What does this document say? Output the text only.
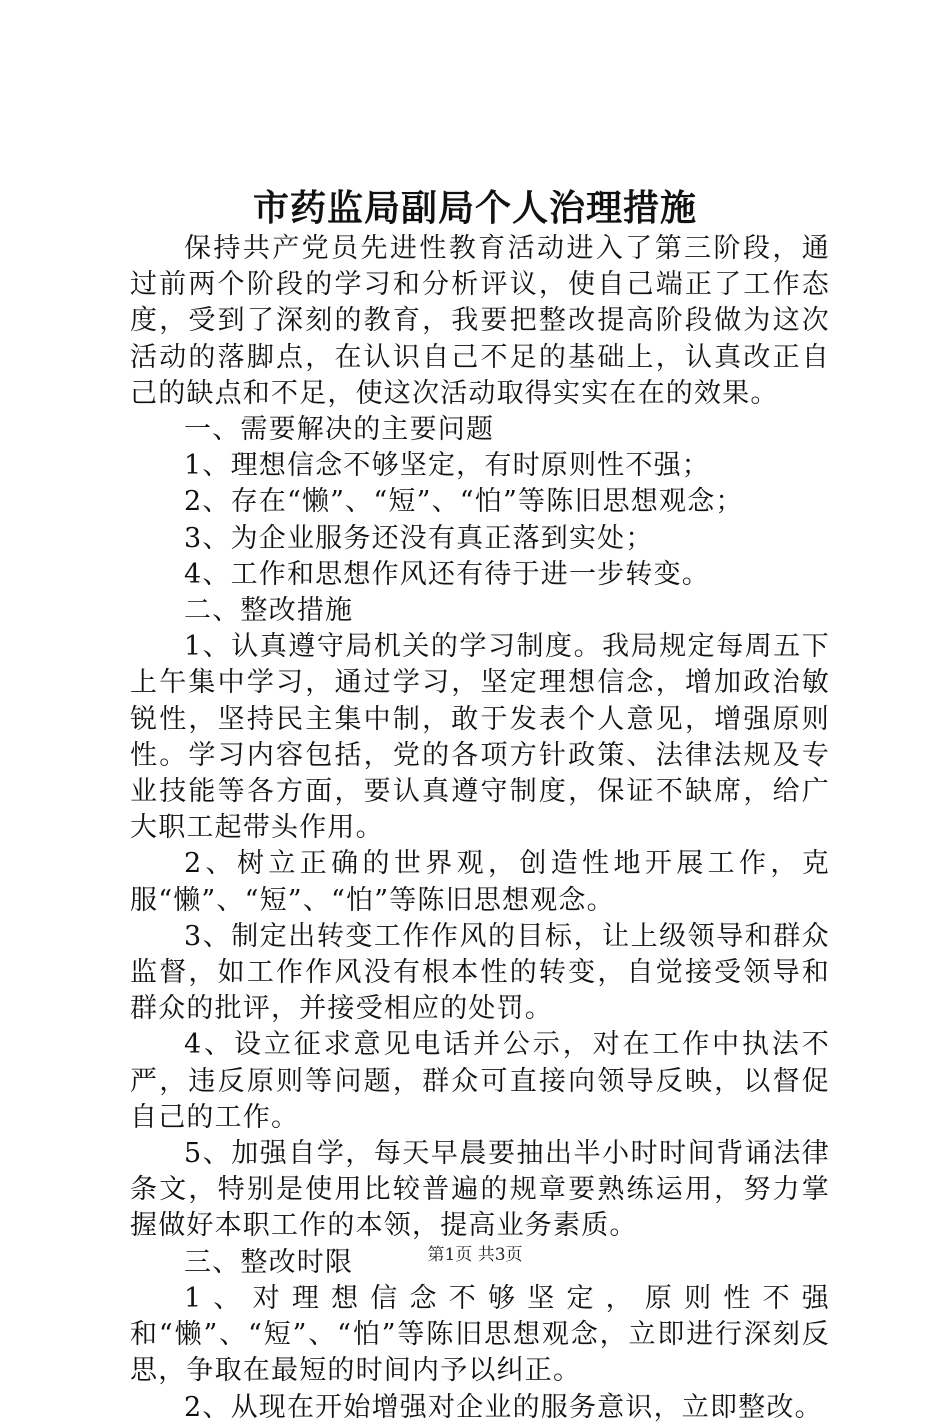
市药监局副局个人治理措施

保持共产党员先进性教育活动进入了第三阶段，通过前两个阶段的学习和分析评议，使自己端正了工作态度，受到了深刻的教育，我要把整改提高阶段做为这次活动的落脚点，在认识自己不足的基础上，认真改正自己的缺点和不足，使这次活动取得实实在在的效果。

一、需要解决的主要问题

1、理想信念不够坚定，有时原则性不强；

2、存在“懒”、“短”、“怕”等陈旧思想观念；

3、为企业服务还没有真正落到实处；

4、工作和思想作风还有待于进一步转变。

二、整改措施

1、认真遵守局机关的学习制度。我局规定每周五下上午集中学习，通过学习，坚定理想信念，增加政治敏锐性，坚持民主集中制，敢于发表个人意见，增强原则性。学习内容包括，党的各项方针政策、法律法规及专业技能等各方面，要认真遵守制度，保证不缺席，给广大职工起带头作用。

2、树立正确的世界观，创造性地开展工作，克服“懒”、“短”、“怕”等陈旧思想观念。

3、制定出转变工作作风的目标，让上级领导和群众监督，如工作作风没有根本性的转变，自觉接受领导和群众的批评，并接受相应的处罚。

4、设立征求意见电话并公示，对在工作中执法不严，违反原则等问题，群众可直接向领导反映，以督促自己的工作。

5、加强自学，每天早晨要抽出半小时时间背诵法律条文，特别是使用比较普遍的规章要熟练运用，努力掌握做好本职工作的本领，提高业务素质。

三、整改时限

1、对理想信念不够坚定，原则性不强和“懒”、“短”、“怕”等陈旧思想观念，立即进行深刻反思，争取在最短的时间内予以纠正。

2、从现在开始增强对企业的服务意识，立即整改。

第1页 共3页
